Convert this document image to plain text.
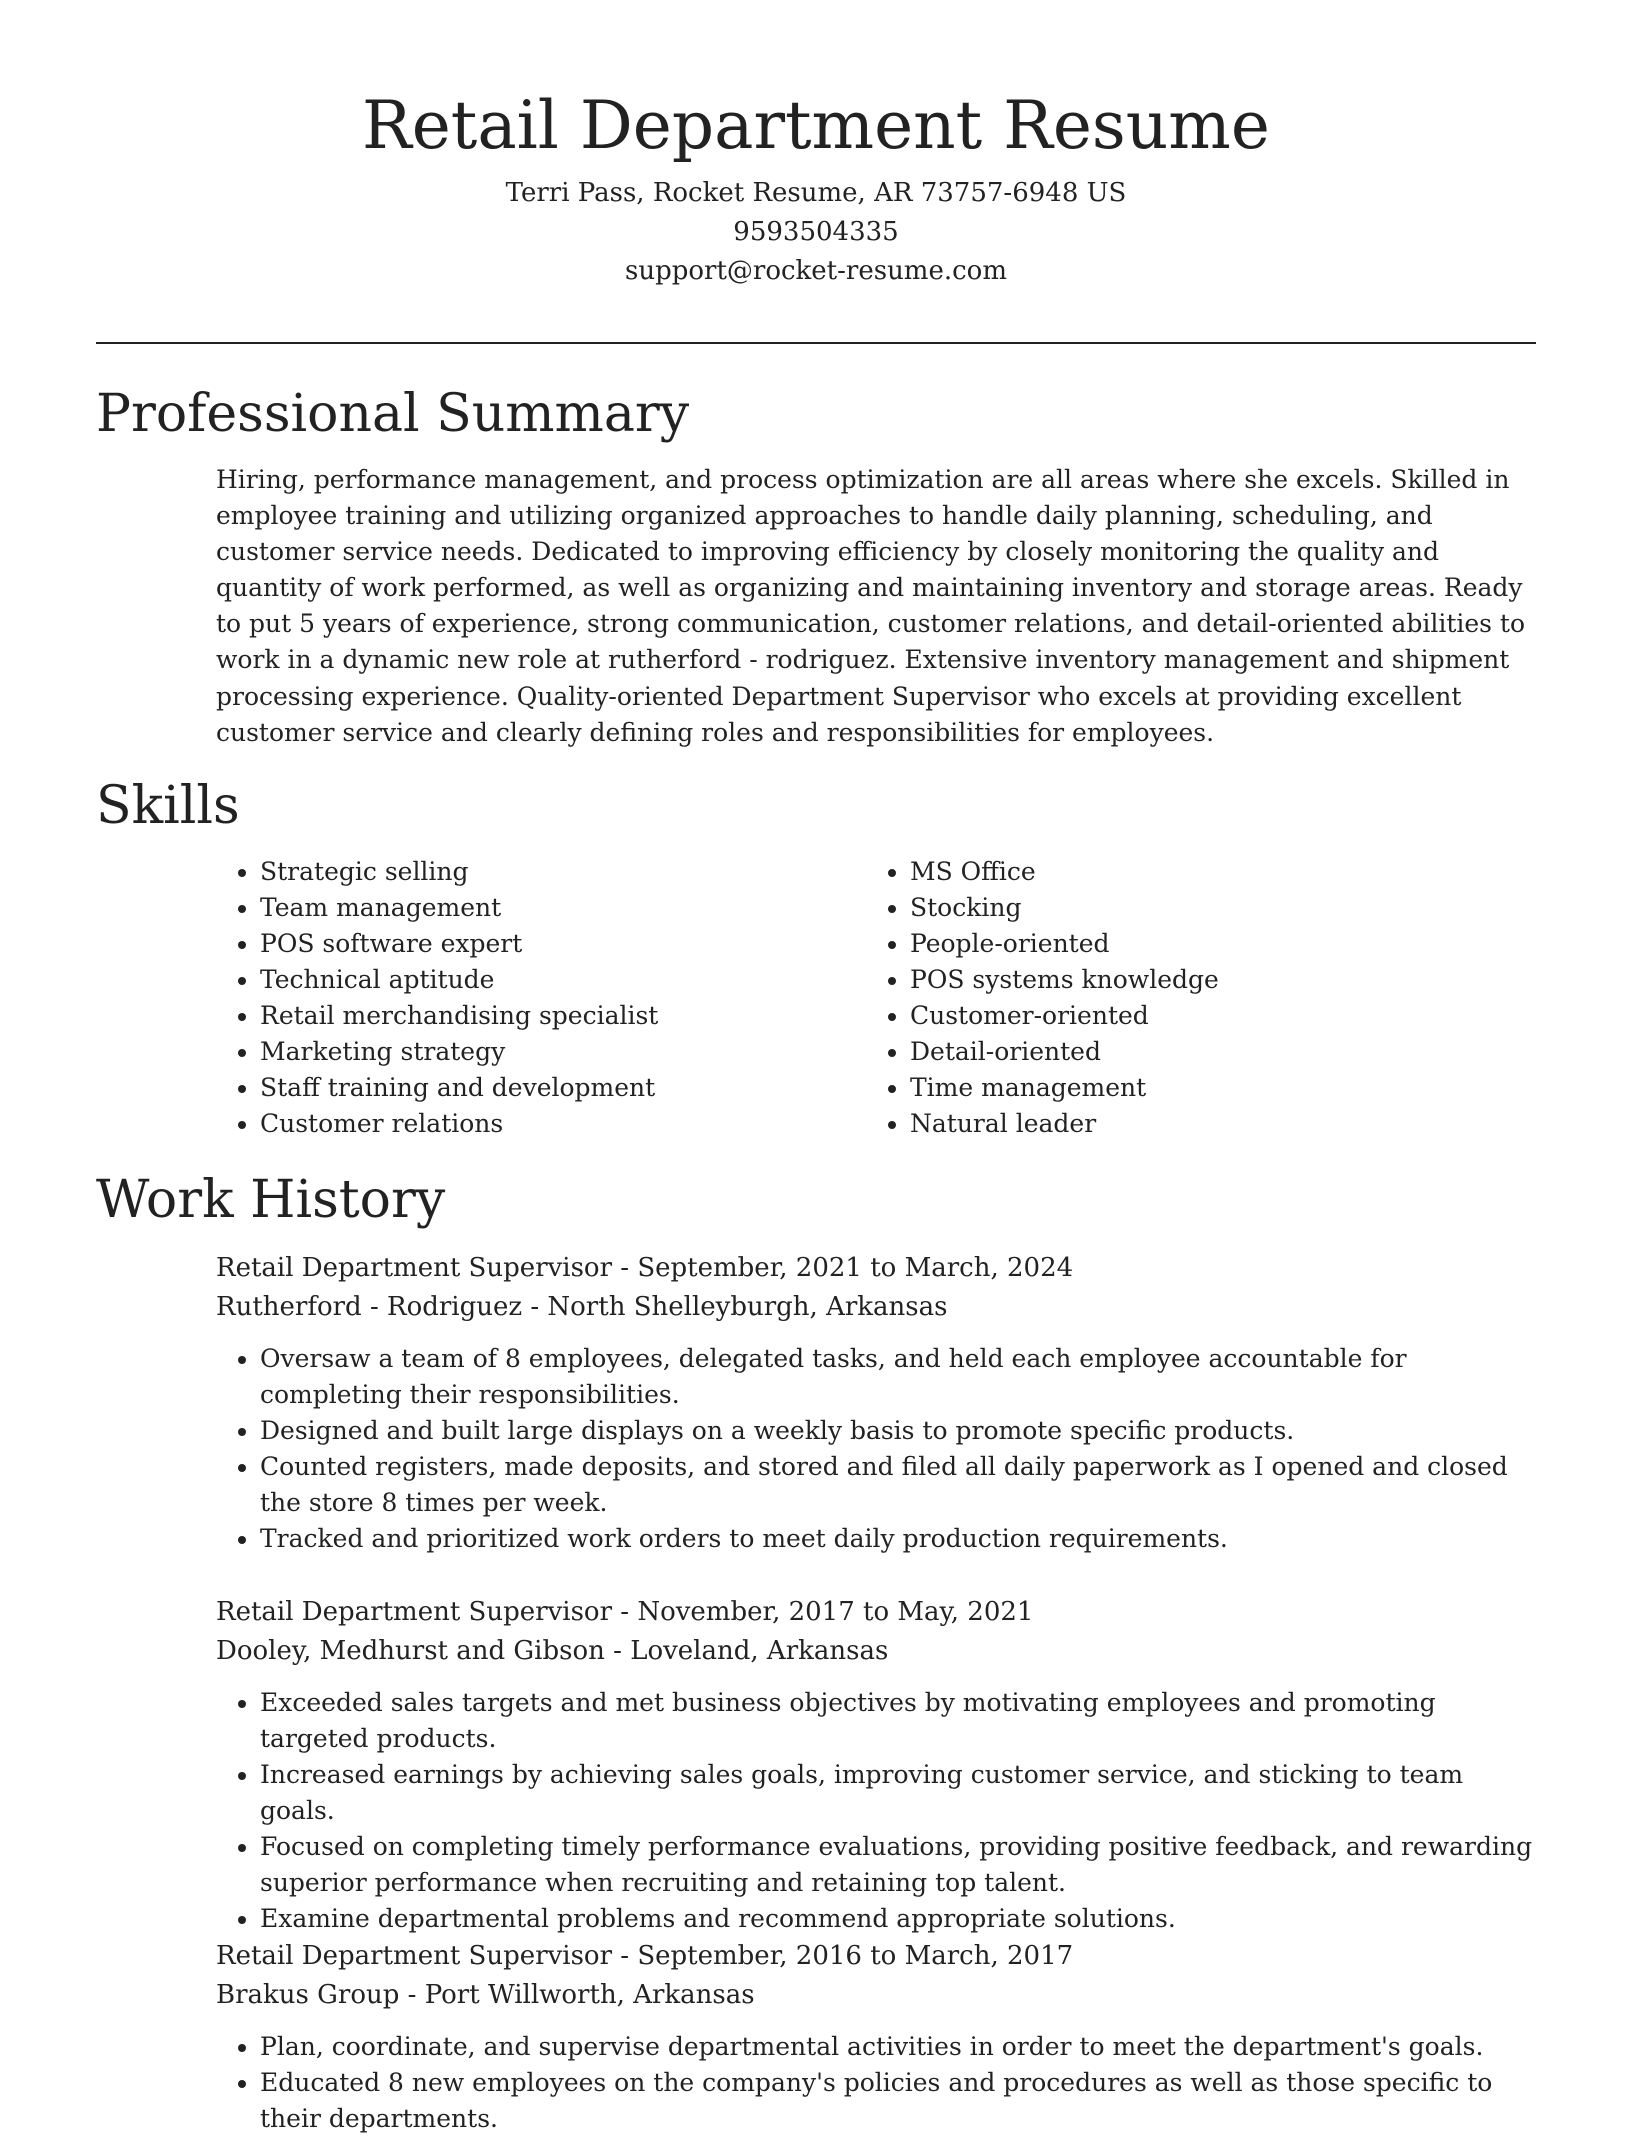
Retail Department Resume

Terri Pass, Rocket Resume, AR 73757-6948 US

9593504335

support@rocket-resume.com

Professional Summary

Hiring, performance management, and process optimization are all areas where she excels. Skilled in employee training and utilizing organized approaches to handle daily planning, scheduling, and customer service needs. Dedicated to improving efficiency by closely monitoring the quality and quantity of work performed, as well as organizing and maintaining inventory and storage areas. Ready to put 5 years of experience, strong communication, customer relations, and detail-oriented abilities to work in a dynamic new role at rutherford - rodriguez. Extensive inventory management and shipment processing experience. Quality-oriented Department Supervisor who excels at providing excellent customer service and clearly defining roles and responsibilities for employees.

Skills
• Strategic selling
• Team management
• POS software expert
• Technical aptitude
• Retail merchandising specialist
• Marketing strategy
• Staff training and development
• Customer relations
• MS Office
• Stocking
• People-oriented
• POS systems knowledge
• Customer-oriented
• Detail-oriented
• Time management
• Natural leader
Work History

Retail Department Supervisor - September, 2021 to March, 2024

Rutherford - Rodriguez - North Shelleyburgh, Arkansas

• Oversaw a team of 8 employees, delegated tasks, and held each employee accountable for completing their responsibilities.
• Designed and built large displays on a weekly basis to promote specific products.
• Counted registers, made deposits, and stored and filed all daily paperwork as I opened and closed the store 8 times per week.
• Tracked and prioritized work orders to meet daily production requirements.

Retail Department Supervisor - November, 2017 to May, 2021

Dooley, Medhurst and Gibson - Loveland, Arkansas

• Exceeded sales targets and met business objectives by motivating employees and promoting targeted products.
• Increased earnings by achieving sales goals, improving customer service, and sticking to team goals.
• Focused on completing timely performance evaluations, providing positive feedback, and rewarding superior performance when recruiting and retaining top talent.
• Examine departmental problems and recommend appropriate solutions.

Retail Department Supervisor - September, 2016 to March, 2017

Brakus Group - Port Willworth, Arkansas

• Plan, coordinate, and supervise departmental activities in order to meet the department's goals.
• Educated 8 new employees on the company's policies and procedures as well as those specific to their departments.
